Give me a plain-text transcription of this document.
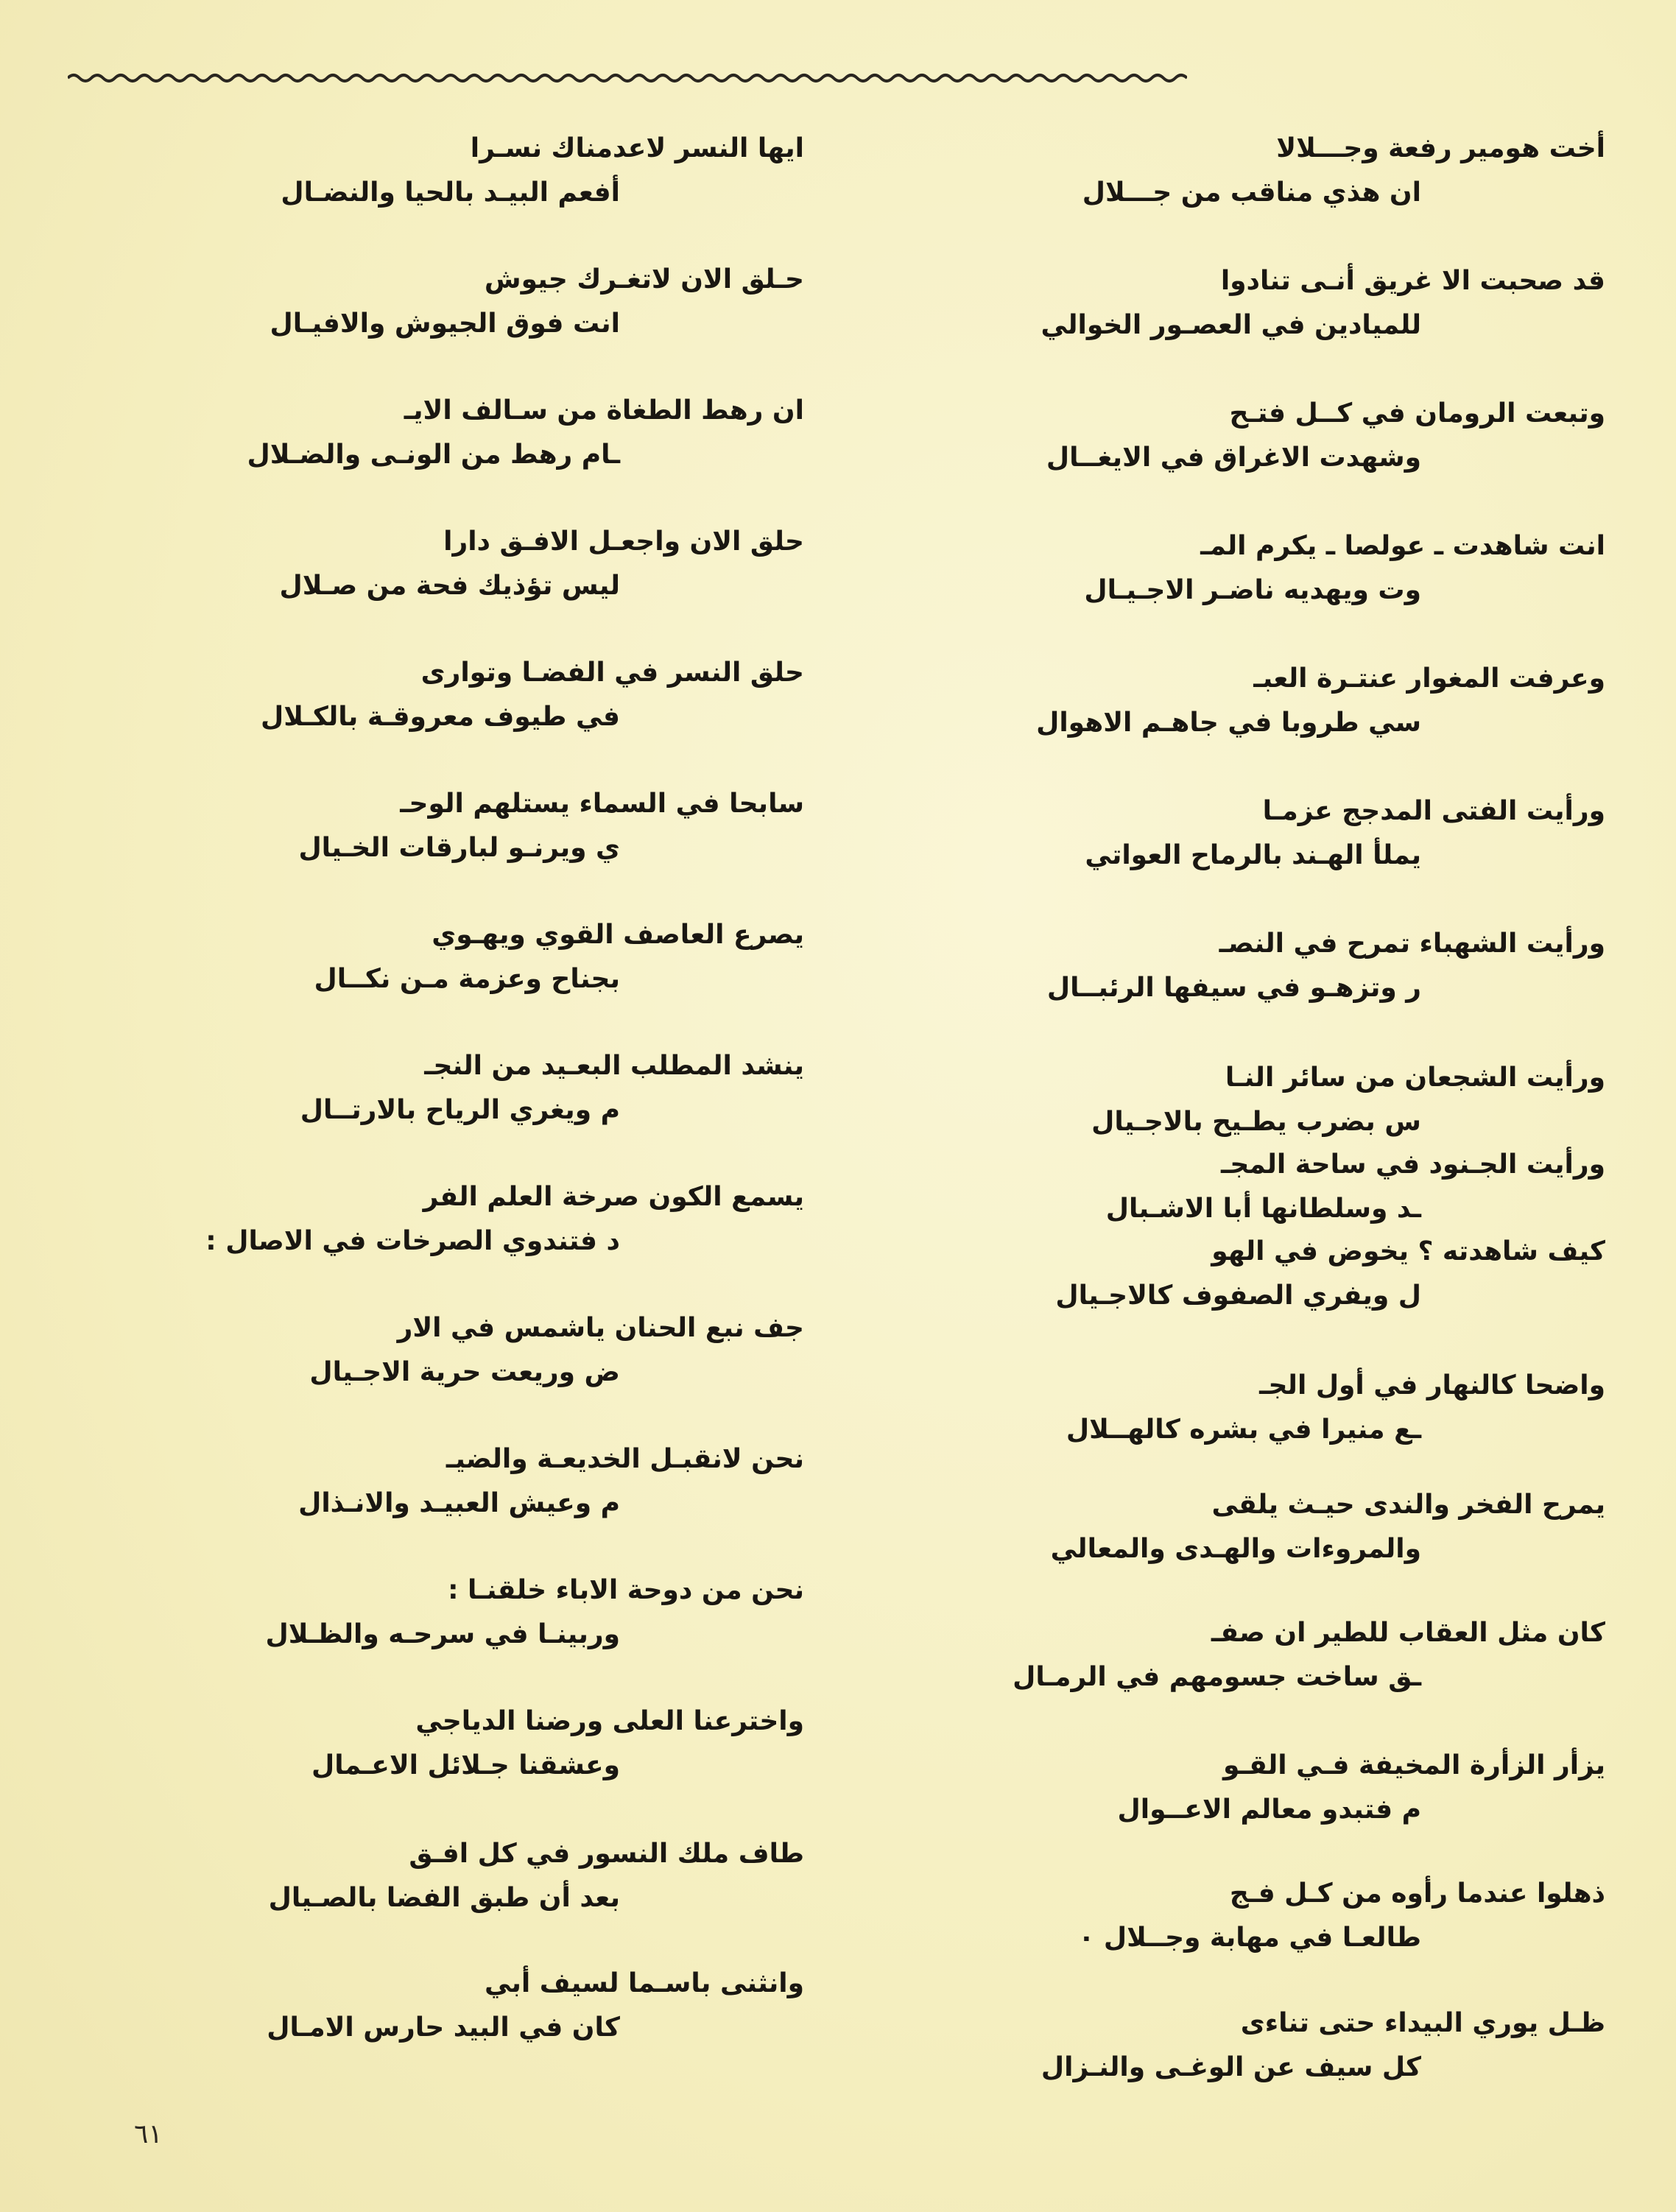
أخت هومير رفعة وجـــلالا
ان هذي مناقب من جـــلال
قد صحبت الا غريق أنـى تنادوا
للميادين في العصـور الخوالي
وتبعت الرومان في كــل فتـح
وشهدت الاغراق في الايغــال
انت شاهدت ـ عولصا ـ يكرم المـ
وت ويهديه ناضـر الاجـيـال
وعرفت المغوار عنتـرة العبـ
سي طروبا في جاهـم الاهوال
ورأيت الفتى المدجج عزمـا
يملأ الهـند بالرماح العواتي
ورأيت الشهباء تمرح في النصـ
ر وتزهـو في سيفها الرئبــال
ورأيت الشجعان من سائر النـا
س بضرب يطـيح بالاجـيال
ورأيت الجـنود في ساحة المجـ
ـد وسلطانها أبا الاشـبال
كيف شاهدته ؟ يخوض في الهو
ل ويفري الصفوف كالاجـيال
واضحا كالنهار في أول الجـ
ـع منيرا في بشره كالهــلال
يمرح الفخر والندى حيـث يلقى
والمروءات والهـدى والمعالي
كان مثل العقاب للطير ان صفـ
ـق ساخت جسومهم في الرمـال
يزأر الزأرة المخيفة فـي القـو
م فتبدو معالم الاعــوال
ذهلوا عندما رأوه من كـل فـج
طالعـا في مهابة وجــلال ٠
ظـل يوري البيداء حتى تناءى
كل سيف عن الوغـى والنـزال
ايها النسر لاعدمناك نسـرا
أفعم البيـد بالحيا والنضـال
حـلق الان لاتغـرك جيوش
انت فوق الجيوش والافيـال
ان رهط الطغاة من سـالف الايـ
ـام رهط من الونـى والضـلال
حلق الان واجعـل الافـق دارا
ليس تؤذيك فحة من صـلال
حلق النسر في الفضـا وتوارى
في طيوف معروقـة بالكـلال
سابحا في السماء يستلهم الوحـ
ي ويرنـو لبارقات الخـيال
يصرع العاصف القوي ويهـوي
بجناح وعزمة مـن نكــال
ينشد المطلب البعـيد من النجـ
م ويغري الرياح بالارتــال
يسمع الكون صرخة العلم الفر
د فتندوي الصرخات في الاصال :
جف نبع الحنان ياشمس في الار
ض وريعت حرية الاجـيال
نحن لانقبـل الخديعـة والضيـ
م وعيش العبيـد والانـذال
نحن من دوحة الاباء خلقنـا :
وربينـا في سرحـه والظـلال
واخترعنا العلى ورضنا الدياجي
وعشقنا جـلائل الاعـمال
طاف ملك النسور في كل افـق
بعد أن طبق الفضا بالصـيال
وانثنى باسـما لسيف أبي
كان في البيد حارس الامـال
٦١
